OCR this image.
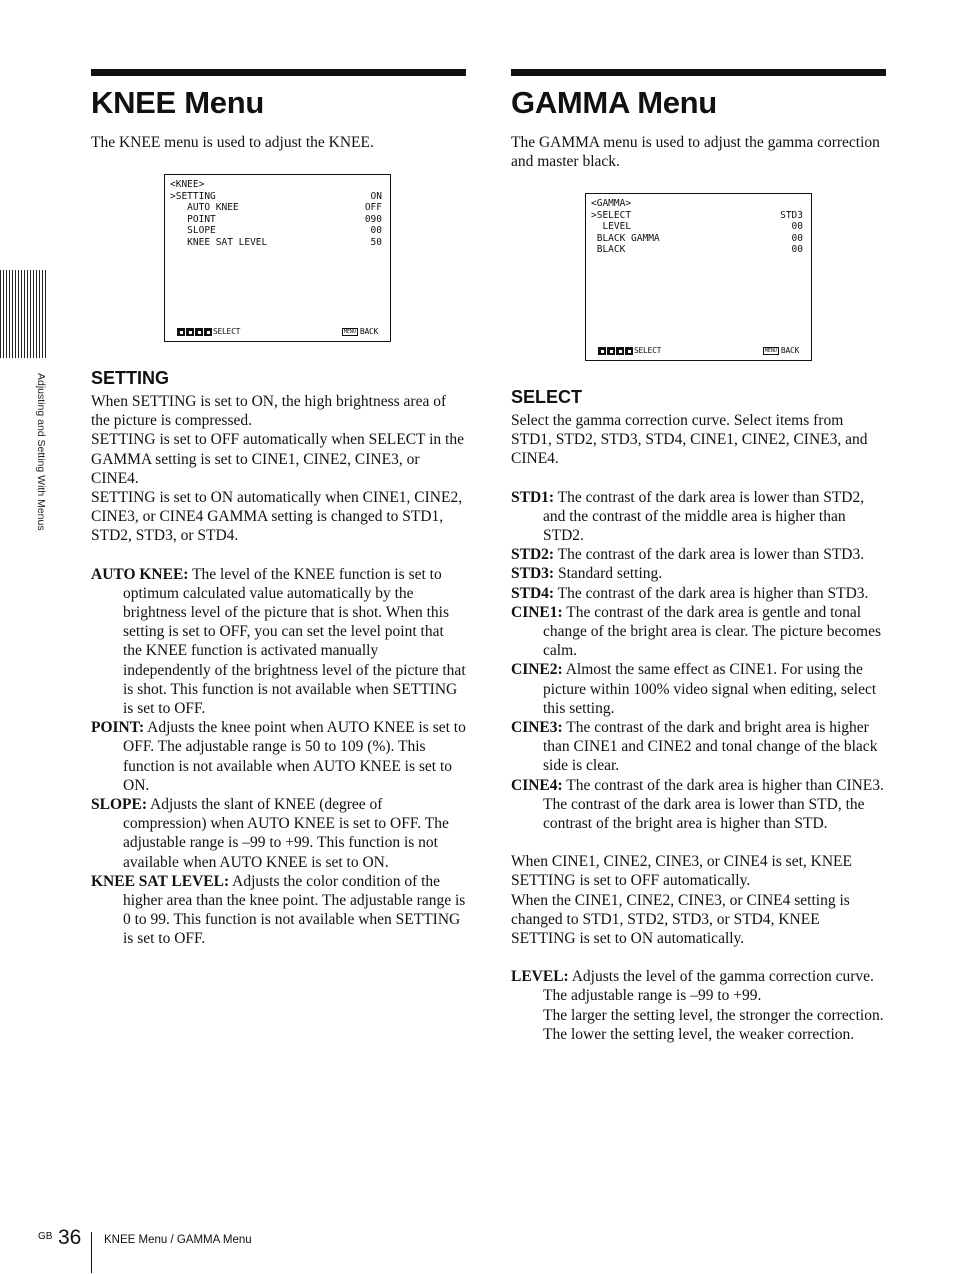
Adjusting and Setting With Menus
KNEE Menu

The KNEE menu is used to adjust the KNEE.

<KNEE>
>SETTING	ON
AUTO KNEE	OFF
POINT	090
SLOPE	00
KNEE SAT LEVEL	50
SELECT	MENU BACK
SETTING

When SETTING is set to ON, the high brightness area of the picture is compressed.

SETTING is set to OFF automatically when SELECT in the GAMMA setting is set to CINE1, CINE2, CINE3, or CINE4.

SETTING is set to ON automatically when CINE1, CINE2, CINE3, or CINE4 GAMMA setting is changed to STD1, STD2, STD3, or STD4.

AUTO KNEE: The level of the KNEE function is set to optimum calculated value automatically by the brightness level of the picture that is shot. When this setting is set to OFF, you can set the level point that the KNEE function is activated manually independently of the brightness level of the picture that is shot. This function is not available when SETTING is set to OFF.
POINT: Adjusts the knee point when AUTO KNEE is set to OFF. The adjustable range is 50 to 109 (%). This function is not available when AUTO KNEE is set to ON.
SLOPE: Adjusts the slant of KNEE (degree of compression) when AUTO KNEE is set to OFF. The adjustable range is –99 to +99. This function is not available when AUTO KNEE is set to ON.
KNEE SAT LEVEL: Adjusts the color condition of the higher area than the knee point. The adjustable range is 0 to 99. This function is not available when SETTING is set to OFF.
GAMMA Menu

The GAMMA menu is used to adjust the gamma correction and master black.

<GAMMA>
>SELECT	STD3
LEVEL	00
BLACK GAMMA	00
BLACK	00
SELECT	MENU BACK
SELECT

Select the gamma correction curve. Select items from STD1, STD2, STD3, STD4, CINE1, CINE2, CINE3, and CINE4.

STD1: The contrast of the dark area is lower than STD2, and the contrast of the middle area is higher than STD2.
STD2: The contrast of the dark area is lower than STD3.
STD3: Standard setting.
STD4: The contrast of the dark area is higher than STD3.
CINE1: The contrast of the dark area is gentle and tonal change of the bright area is clear. The picture becomes calm.
CINE2: Almost the same effect as CINE1. For using the picture within 100% video signal when editing, select this setting.
CINE3: The contrast of the dark and bright area is higher than CINE1 and CINE2 and tonal change of the black side is clear.
CINE4: The contrast of the dark area is higher than CINE3. The contrast of the dark area is lower than STD, the contrast of the bright area is higher than STD.

When CINE1, CINE2, CINE3, or CINE4 is set, KNEE SETTING is set to OFF automatically.

When the CINE1, CINE2, CINE3, or CINE4 setting is changed to STD1, STD2, STD3, or STD4, KNEE SETTING is set to ON automatically.

LEVEL: Adjusts the level of the gamma correction curve. The adjustable range is –99 to +99.
The larger the setting level, the stronger the correction. The lower the setting level, the weaker correction.
GB 36 KNEE Menu / GAMMA Menu
